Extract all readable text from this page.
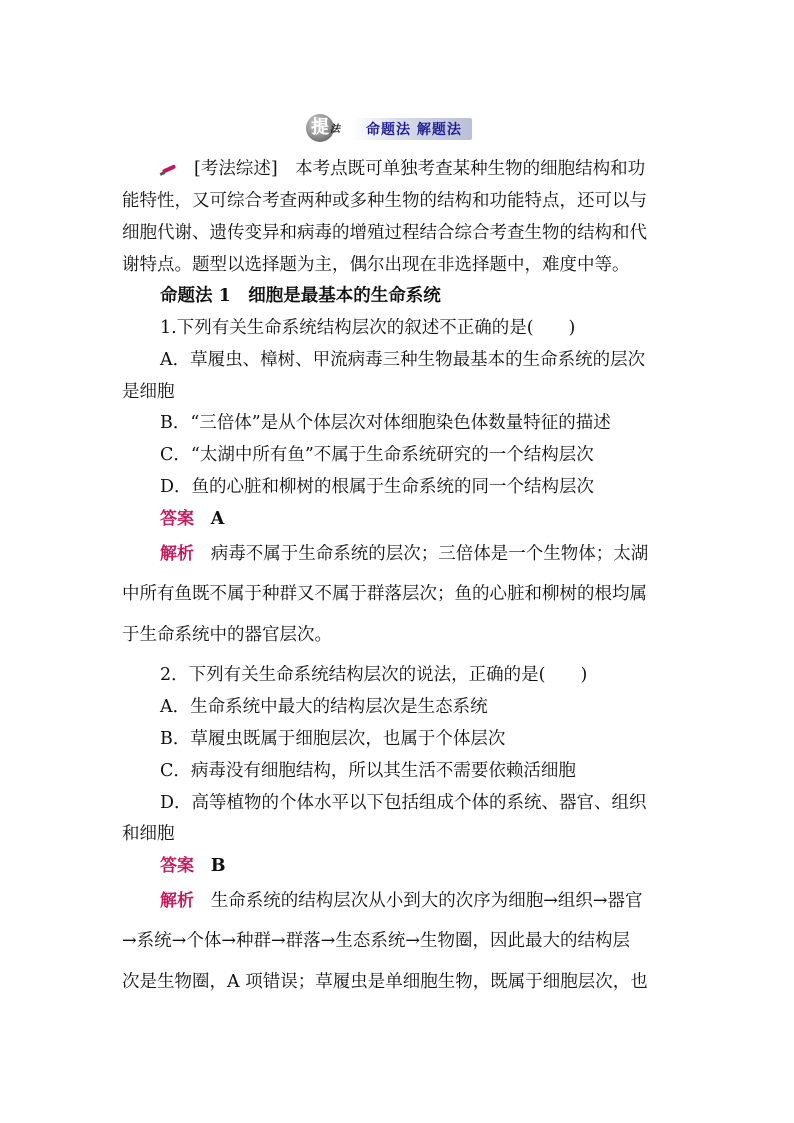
提 法	命题法 解题法
[考法综述]　本考点既可单独考查某种生物的细胞结构和功
能特性，又可综合考查两种或多种生物的结构和功能特点，还可以与
细胞代谢、遗传变异和病毒的增殖过程结合综合考查生物的结构和代
谢特点。题型以选择题为主，偶尔出现在非选择题中，难度中等。
命题法 1　细胞是最基本的生命系统
1.下列有关生命系统结构层次的叙述不正确的是(　　)
A．草履虫、樟树、甲流病毒三种生物最基本的生命系统的层次
是细胞
B．“三倍体”是从个体层次对体细胞染色体数量特征的描述
C．“太湖中所有鱼”不属于生命系统研究的一个结构层次
D．鱼的心脏和柳树的根属于生命系统的同一个结构层次
答案 A
解析 病毒不属于生命系统的层次；三倍体是一个生物体；太湖
中所有鱼既不属于种群又不属于群落层次；鱼的心脏和柳树的根均属
于生命系统中的器官层次。
2．下列有关生命系统结构层次的说法，正确的是(　　)
A．生命系统中最大的结构层次是生态系统
B．草履虫既属于细胞层次，也属于个体层次
C．病毒没有细胞结构，所以其生活不需要依赖活细胞
D．高等植物的个体水平以下包括组成个体的系统、器官、组织
和细胞
答案 B
解析 生命系统的结构层次从小到大的次序为细胞→组织→器官
→系统→个体→种群→群落→生态系统→生物圈，因此最大的结构层
次是生物圈，A 项错误；草履虫是单细胞生物，既属于细胞层次，也
